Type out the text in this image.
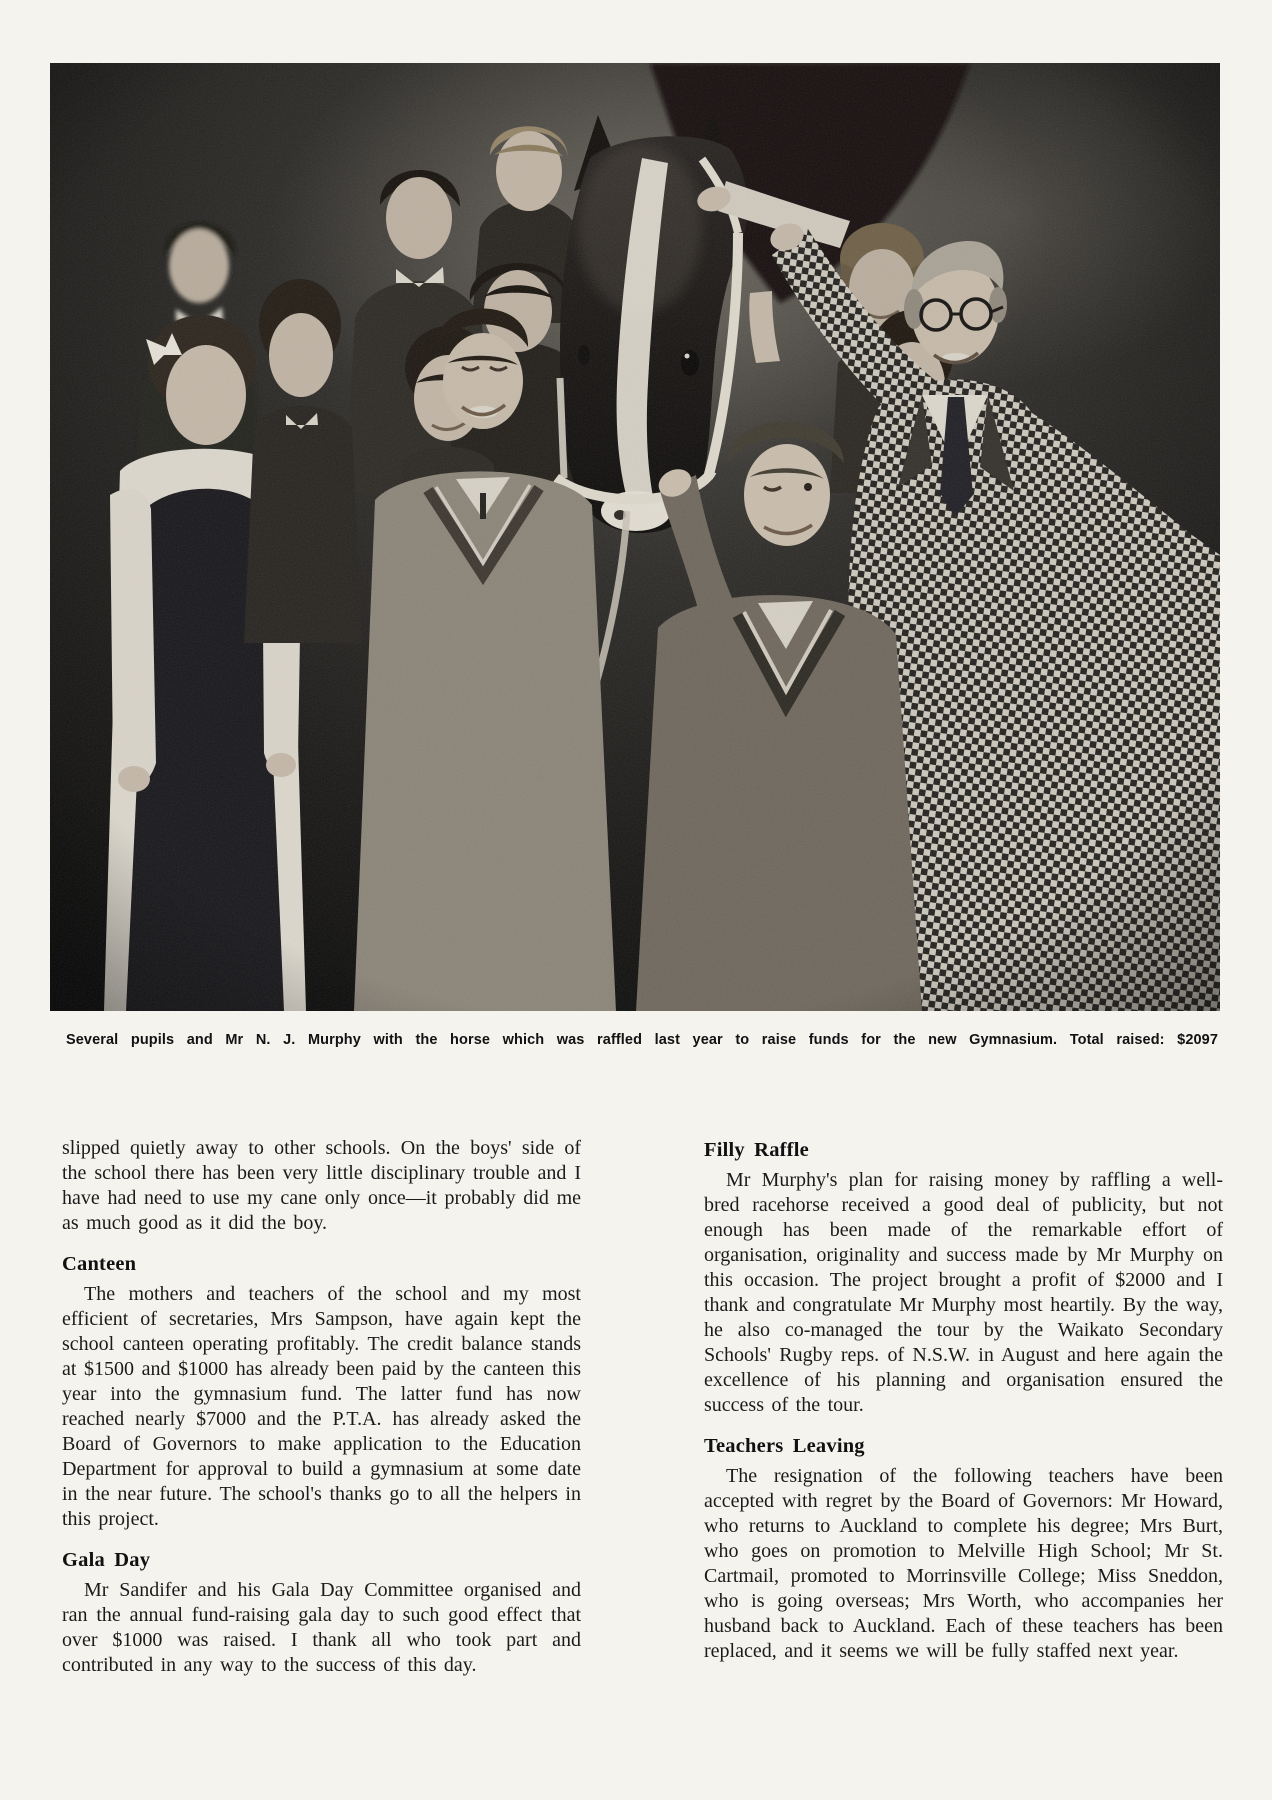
Several pupils and Mr N. J. Murphy with the horse which was raffled last year to raise funds for the new Gymnasium. Total raised: $2097

slipped quietly away to other schools. On the boys' side of the school there has been very little disciplinary trouble and I have had need to use my cane only once—it probably did me as much good as it did the boy.

Canteen

The mothers and teachers of the school and my most efficient of secretaries, Mrs Sampson, have again kept the school canteen operating profitably. The credit balance stands at $1500 and $1000 has already been paid by the canteen this year into the gymnasium fund. The latter fund has now reached nearly $7000 and the P.T.A. has already asked the Board of Governors to make application to the Education Department for approval to build a gymnasium at some date in the near future. The school's thanks go to all the helpers in this project.

Gala Day

Mr Sandifer and his Gala Day Committee organised and ran the annual fund-raising gala day to such good effect that over $1000 was raised. I thank all who took part and contributed in any way to the success of this day.

Filly Raffle

Mr Murphy's plan for raising money by raffling a well-bred racehorse received a good deal of publicity, but not enough has been made of the remarkable effort of organisation, originality and success made by Mr Murphy on this occasion. The project brought a profit of $2000 and I thank and congratulate Mr Murphy most heartily. By the way, he also co-managed the tour by the Waikato Secondary Schools' Rugby reps. of N.S.W. in August and here again the excellence of his planning and organisation ensured the success of the tour.

Teachers Leaving

The resignation of the following teachers have been accepted with regret by the Board of Governors: Mr Howard, who returns to Auckland to complete his degree; Mrs Burt, who goes on promotion to Melville High School; Mr St. Cartmail, promoted to Morrinsville College; Miss Sneddon, who is going overseas; Mrs Worth, who accompanies her husband back to Auckland. Each of these teachers has been replaced, and it seems we will be fully staffed next year.
